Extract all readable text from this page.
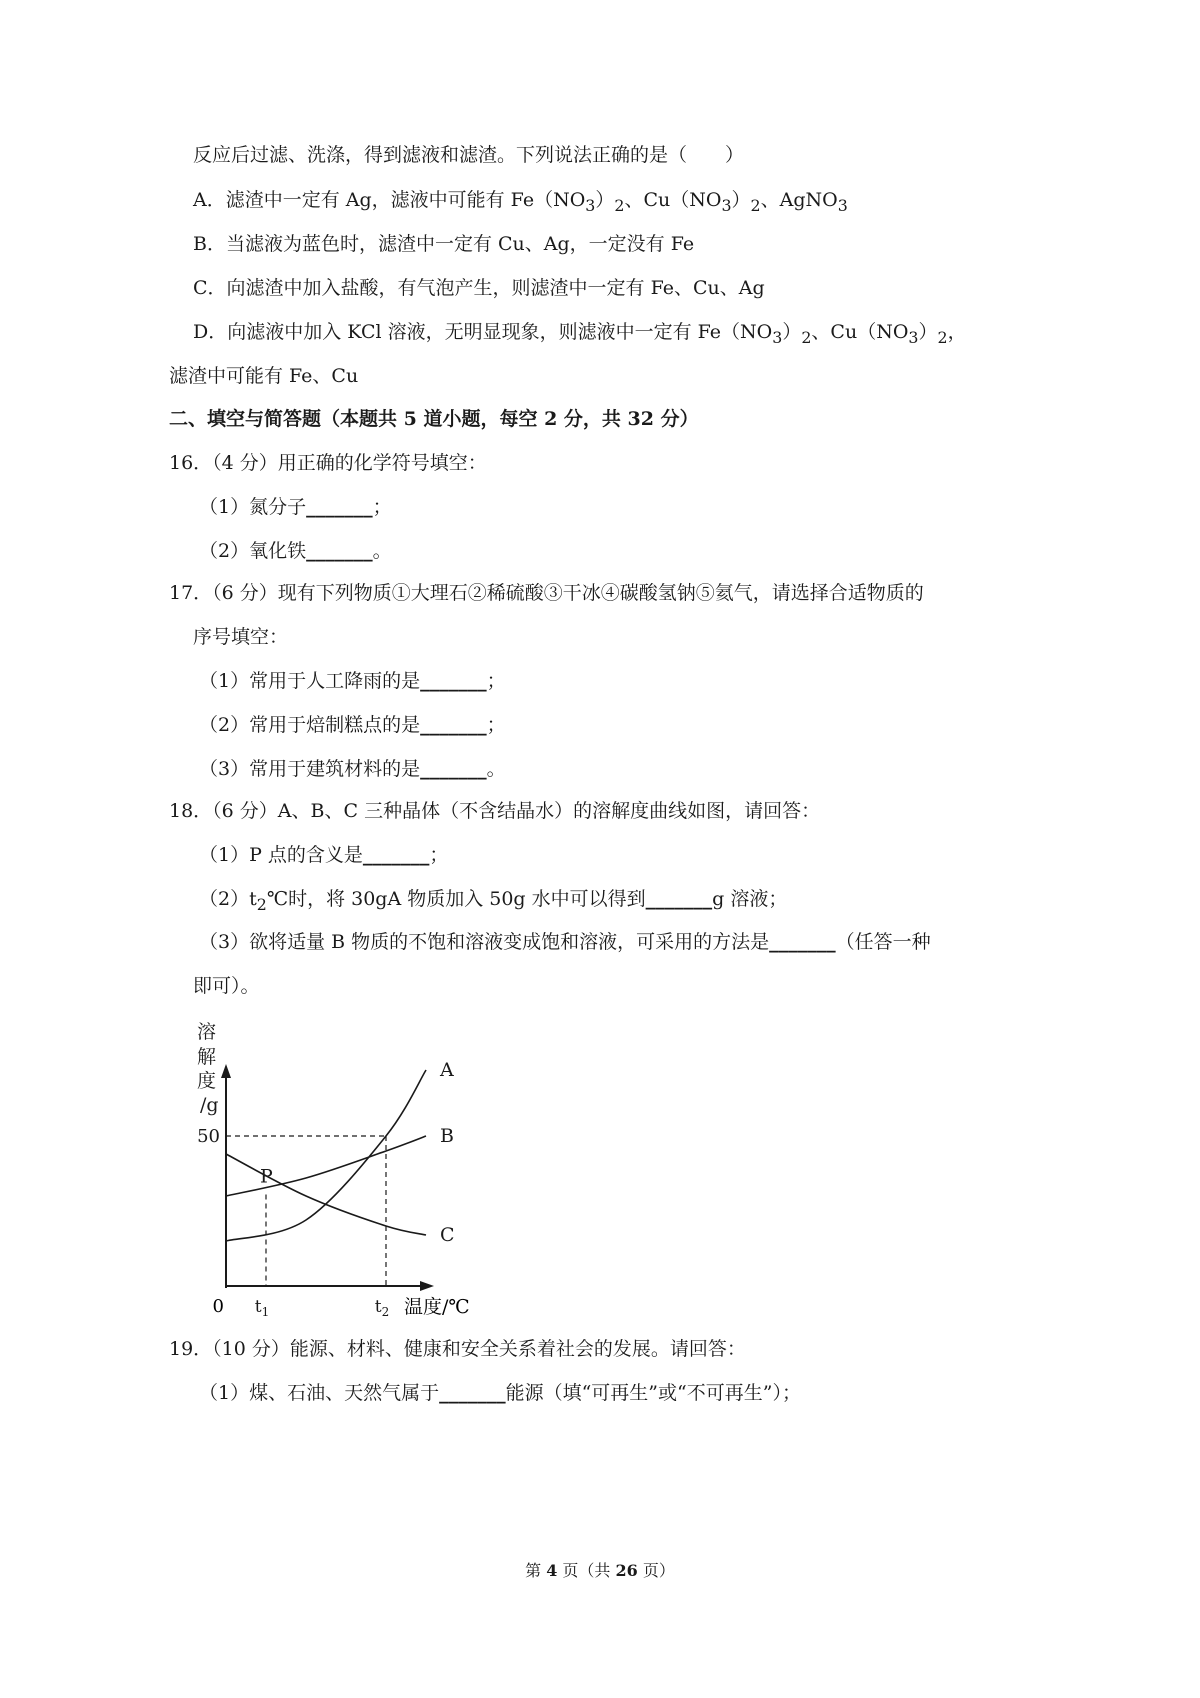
反应后过滤、洗涤，得到滤液和滤渣。下列说法正确的是（　　）
A．滤渣中一定有 Ag，滤液中可能有 $Fe(NO_3)_2$、$Cu(NO_3)_2$、AgNO$_3$
B．当滤液为蓝色时，滤渣中一定有 Cu、Ag，一定没有 Fe
C．向滤渣中加入盐酸，有气泡产生，则滤渣中一定有 Fe、Cu、Ag
D．向滤液中加入 KCl 溶液，无明显现象，则滤液中一定有 $Fe(NO_3)_2$、$Cu(NO_3)_2$，
滤渣中可能有 Fe、Cu
二、填空与简答题（本题共 5 道小题，每空 2 分，共 32 分）
16．（4 分）用正确的化学符号填空：
（1）氮分子_______；
（2）氧化铁_______。
17．（6 分）现有下列物质①大理石②稀硫酸③干冰④碳酸氢钠⑤氦气，请选择合适物质的
序号填空：
（1）常用于人工降雨的是_______；
（2）常用于焙制糕点的是_______；
（3）常用于建筑材料的是_______。
18．（6 分）A、B、C 三种晶体（不含结晶水）的溶解度曲线如图，请回答：
（1）P 点的含义是_______；
$(2)t_2℃$时，将 30gA 物质加入 50g 水中可以得到_______g 溶液；
（3）欲将适量 B 物质的不饱和溶液变成饱和溶液，可采用的方法是_______（任答一种
即可）。
溶
解
度
/g
A
B
C
P
50
$t_1$	$t_2$
0	温度/℃
19．（10 分）能源、材料、健康和安全关系着社会的发展。请回答：
（1）煤、石油、天然气属于_______能源（填“可再生”或“不可再生”）；
第 4 页（共 26 页）
